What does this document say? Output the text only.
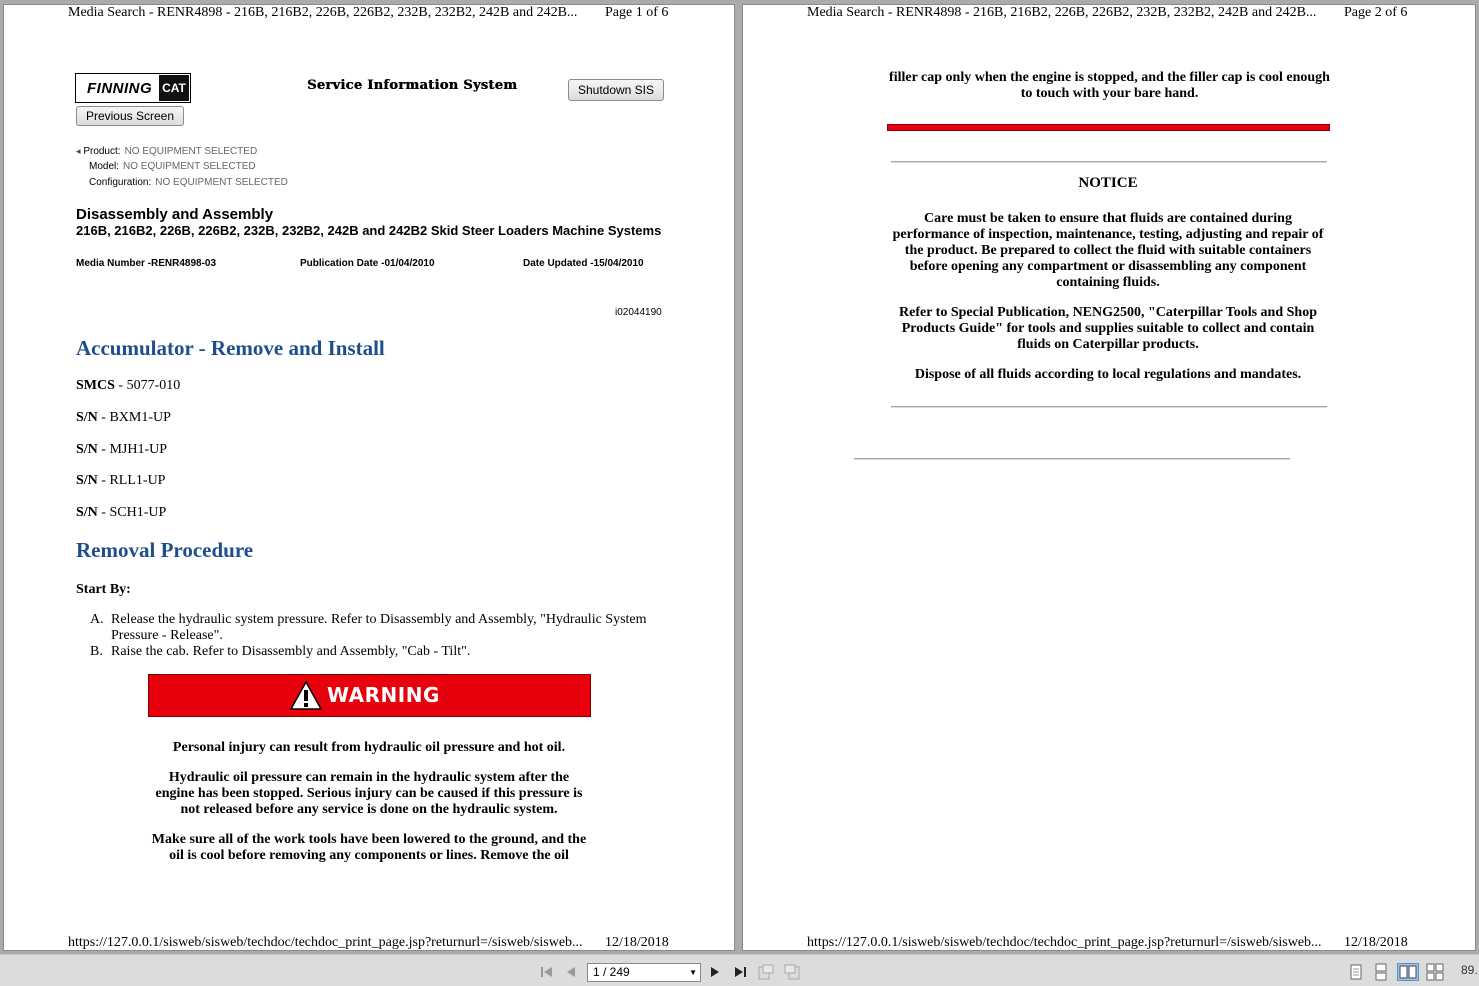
Media Search - RENR4898 - 216B, 216B2, 226B, 226B2, 232B, 232B2, 242B and 242B... Page 1 of 6
FINNING CAT	Service Information System	Shutdown SIS
Previous Screen
◂ Product: NO EQUIPMENT SELECTED
Model: NO EQUIPMENT SELECTED
Configuration: NO EQUIPMENT SELECTED
Disassembly and Assembly
216B, 216B2, 226B, 226B2, 232B, 232B2, 242B and 242B2 Skid Steer Loaders Machine Systems
Media Number -RENR4898-03	Publication Date -01/04/2010	Date Updated -15/04/2010
i02044190
Accumulator - Remove and Install
SMCS - 5077-010
S/N - BXM1-UP
S/N - MJH1-UP
S/N - RLL1-UP
S/N - SCH1-UP
Removal Procedure
Start By:
A. Release the hydraulic system pressure. Refer to Disassembly and Assembly, "Hydraulic System Pressure - Release".
B. Raise the cab. Refer to Disassembly and Assembly, "Cab - Tilt".
WARNING
Personal injury can result from hydraulic oil pressure and hot oil.
Hydraulic oil pressure can remain in the hydraulic system after the engine has been stopped. Serious injury can be caused if this pressure is not released before any service is done on the hydraulic system.
Make sure all of the work tools have been lowered to the ground, and the oil is cool before removing any components or lines. Remove the oil
https://127.0.0.1/sisweb/sisweb/techdoc/techdoc_print_page.jsp?returnurl=/sisweb/sisweb... 12/18/2018
Media Search - RENR4898 - 216B, 216B2, 226B, 226B2, 232B, 232B2, 242B and 242B... Page 2 of 6
filler cap only when the engine is stopped, and the filler cap is cool enough to touch with your bare hand.
NOTICE
Care must be taken to ensure that fluids are contained during performance of inspection, maintenance, testing, adjusting and repair of the product. Be prepared to collect the fluid with suitable containers before opening any compartment or disassembling any component containing fluids.
Refer to Special Publication, NENG2500, "Caterpillar Tools and Shop Products Guide" for tools and supplies suitable to collect and contain fluids on Caterpillar products.
Dispose of all fluids according to local regulations and mandates.
https://127.0.0.1/sisweb/sisweb/techdoc/techdoc_print_page.jsp?returnurl=/sisweb/sisweb... 12/18/2018
1 / 249	▼	89.
